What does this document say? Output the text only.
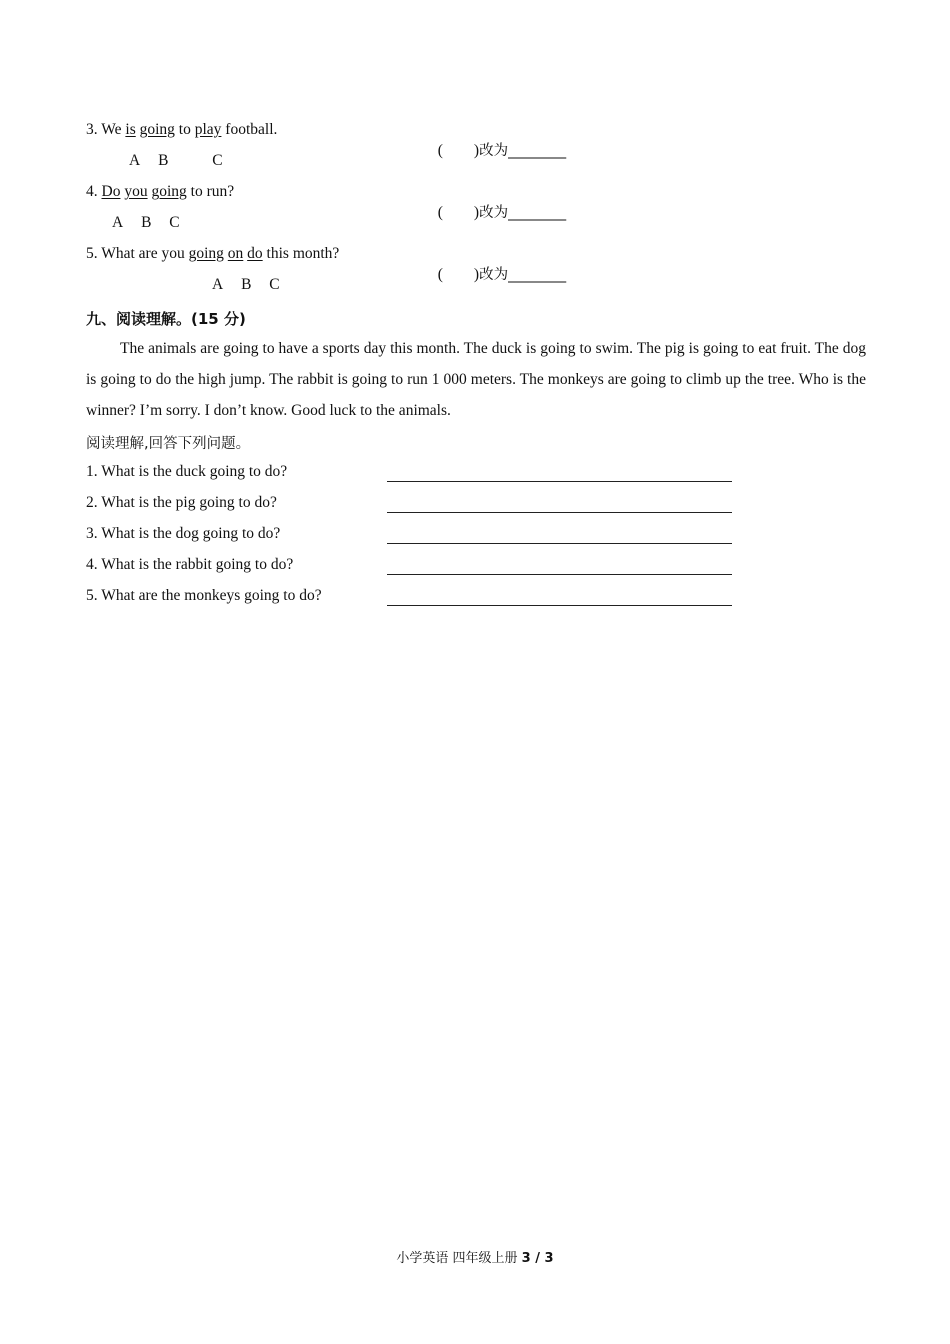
3. We is going to play football.

(        )改为________

A B	C
4. Do you going to run?

(        )改为________

A B C
5. What are you going on do this month?

(        )改为________

A B C
九、阅读理解。(15 分)
The animals are going to have a sports day this month. The duck is going to swim. The pig is going to eat fruit. The dog is going to do the high jump. The rabbit is going to run 1 000 meters. The monkeys are going to climb up the tree. Who is the winner? I’m sorry. I don’t know. Good luck to the animals.
阅读理解,回答下列问题。
1. What is the duck going to do?
2. What is the pig going to do?
3. What is the dog going to do?
4. What is the rabbit going to do?
5. What are the monkeys going to do?
小学英语 四年级上册 3 / 3
